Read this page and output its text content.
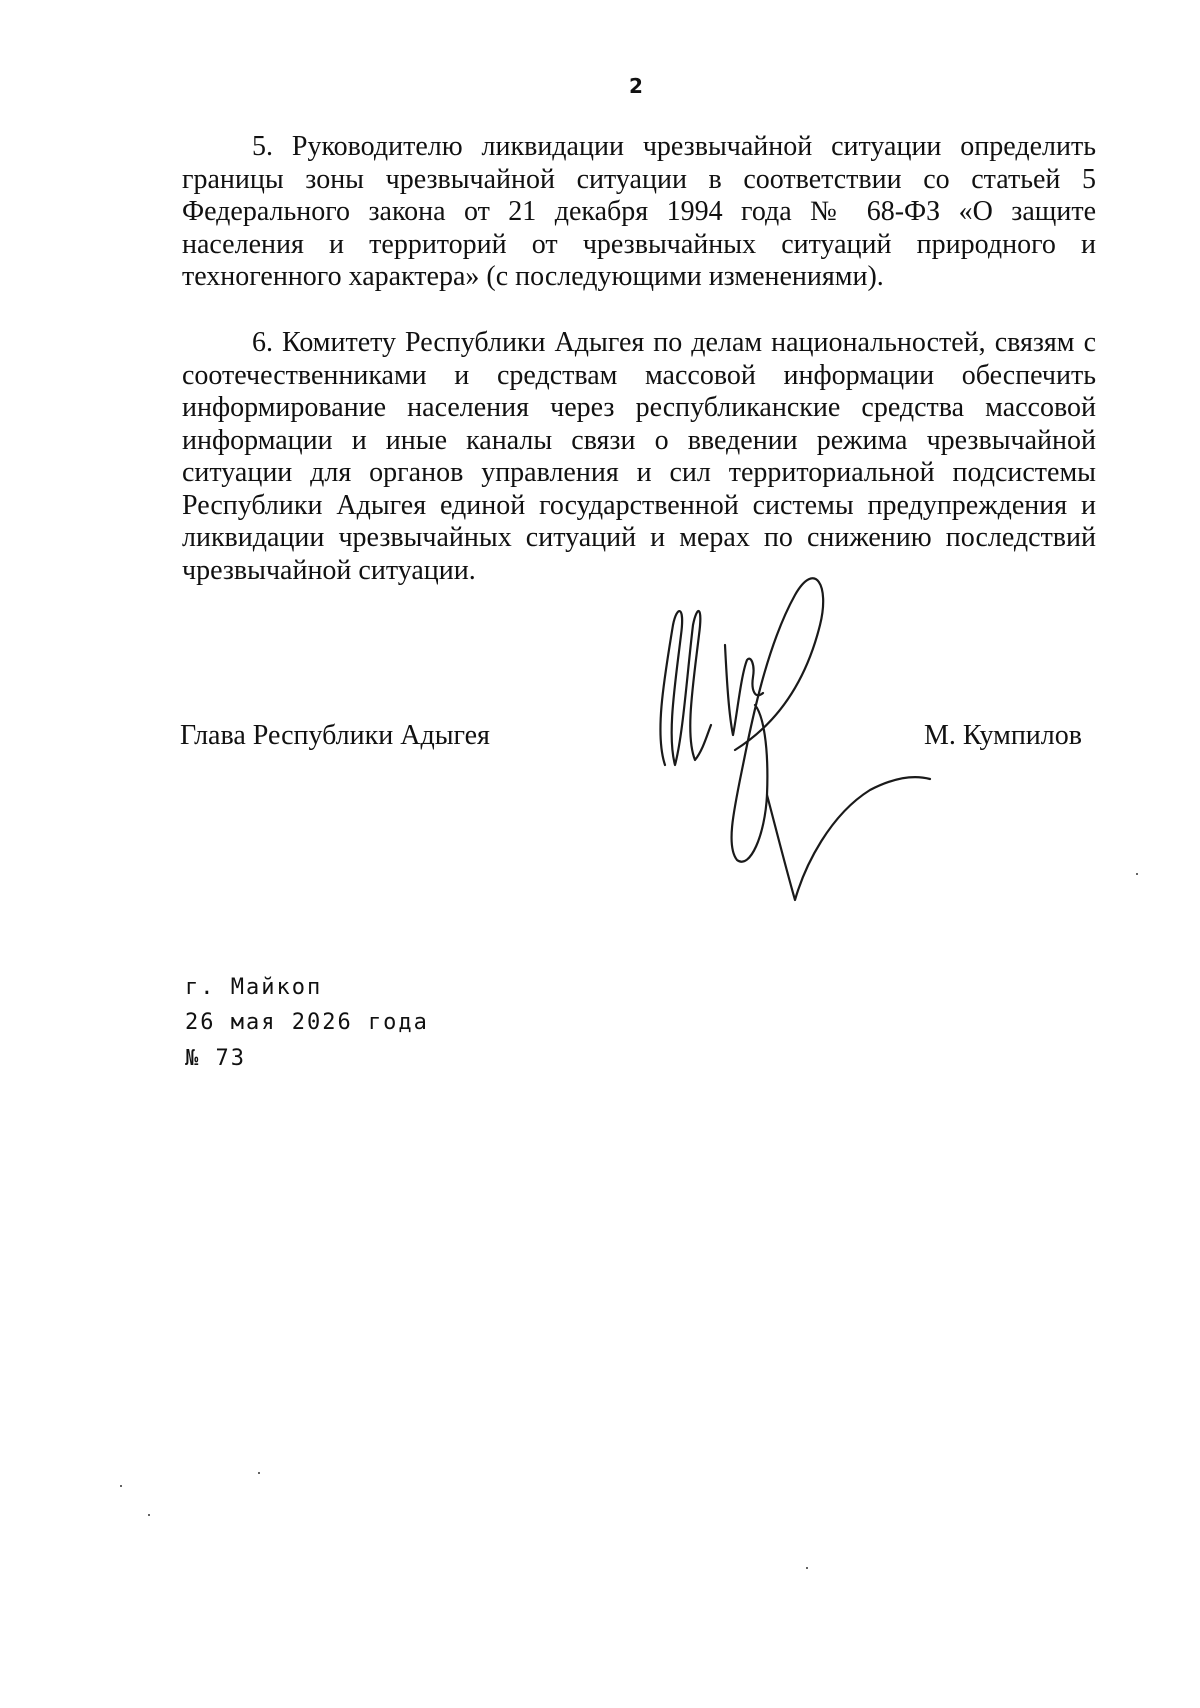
2

5. Руководителю ликвидации чрезвычайной ситуации определить границы зоны чрезвычайной ситуации в соответствии со статьей 5 Федерального закона от 21 декабря 1994 года № 68-ФЗ «О защите населения и территорий от чрезвычайных ситуаций природного и техногенного характера» (с последующими изменениями).

6. Комитету Республики Адыгея по делам национальностей, связям с соотечественниками и средствам массовой информации обеспечить информирование населения через республиканские средства массовой информации и иные каналы связи о введении режима чрезвычайной ситуации для органов управления и сил территориальной подсистемы Республики Адыгея единой государственной системы предупреждения и ликвидации чрезвычайных ситуаций и мерах по снижению последствий чрезвычайной ситуации.

Глава Республики Адыгея	М. Кумпилов
г. Майкоп
26 мая 2026 года
№ 73
